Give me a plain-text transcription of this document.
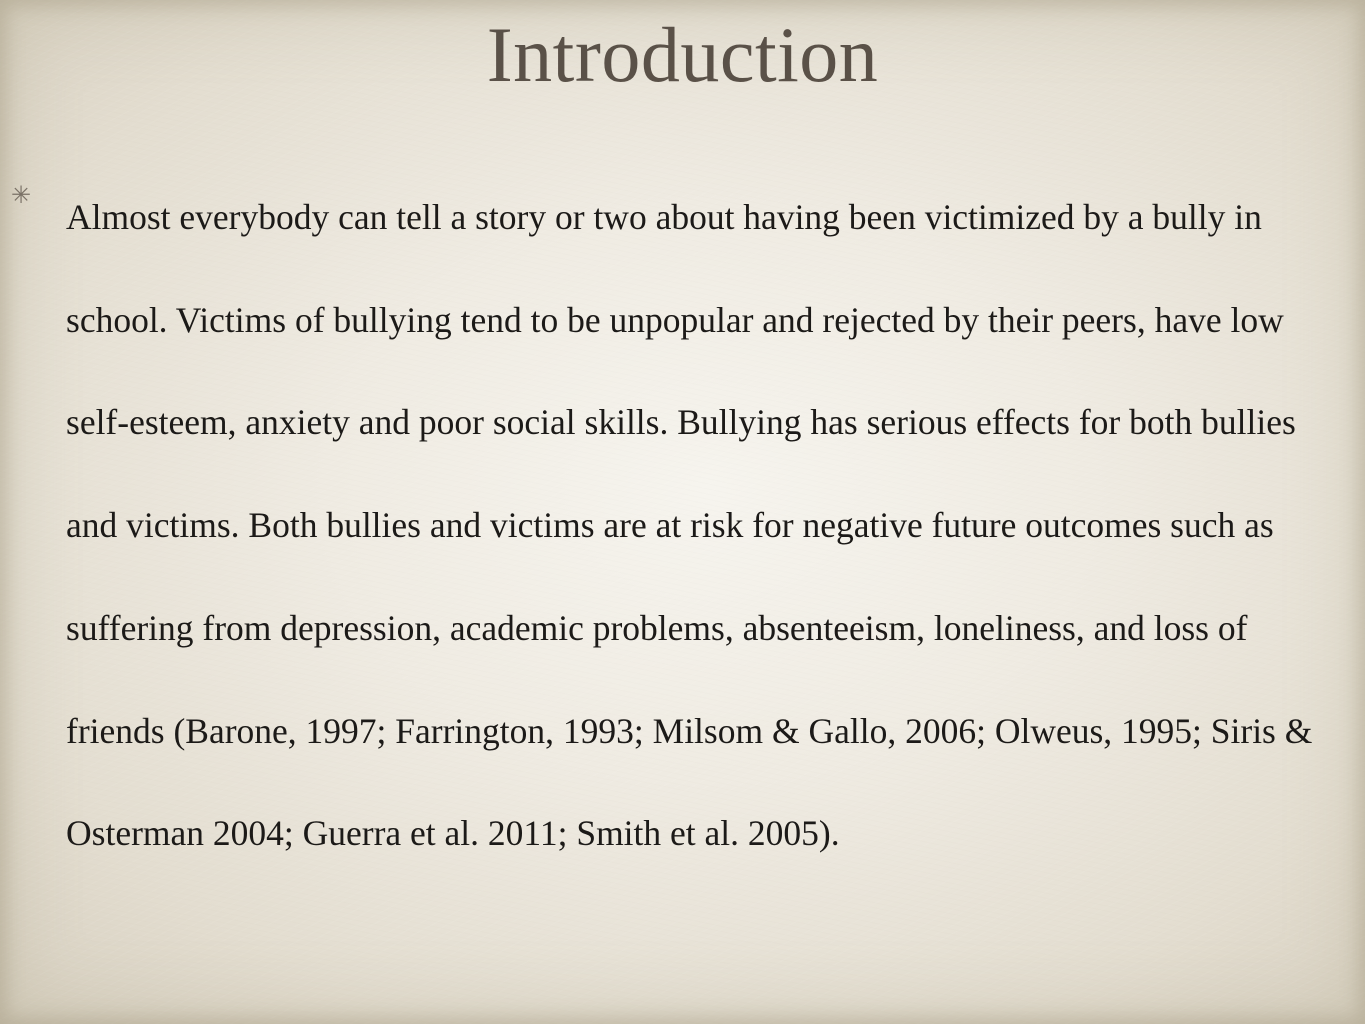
Introduction
✳

Almost everybody can tell a story or two about having been victimized by a bully in school. Victims of bullying tend to be unpopular and rejected by their peers, have low self-esteem, anxiety and poor social skills. Bullying has serious effects for both bullies and victims. Both bullies and victims are at risk for negative future outcomes such as suffering from depression, academic problems, absenteeism, loneliness, and loss of friends (Barone, 1997; Farrington, 1993; Milsom & Gallo, 2006; Olweus, 1995; Siris & Osterman 2004; Guerra et al. 2011; Smith et al. 2005).
